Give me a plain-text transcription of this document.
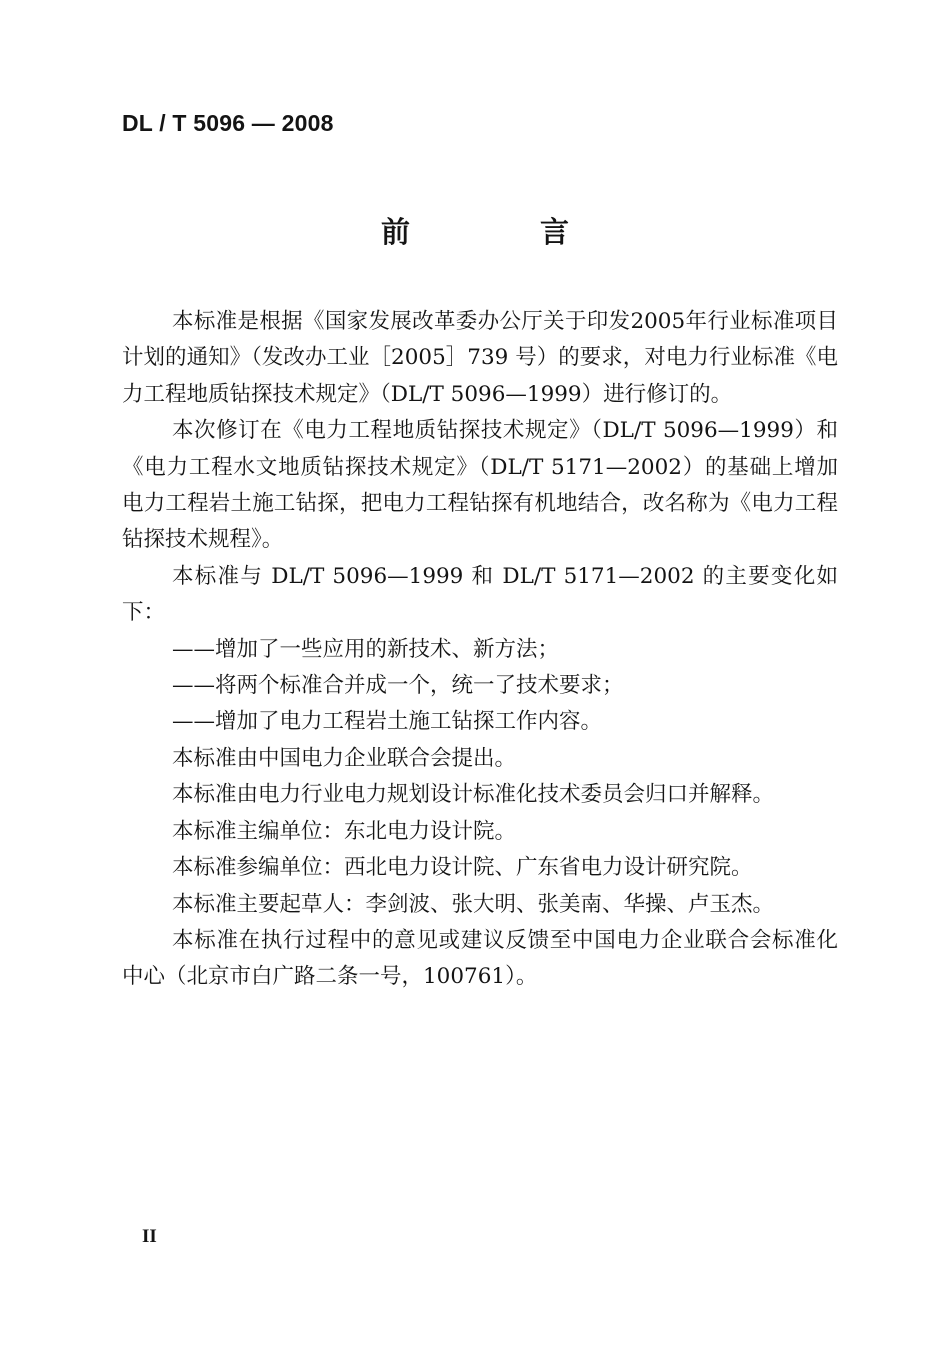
DL / T 5096 — 2008
前 言

本标准是根据《国家发展改革委办公厅关于印发2005年行业标准项目计划的通知》（发改办工业［2005］739 号）的要求，对电力行业标准《电力工程地质钻探技术规定》（DL/T 5096—1999）进行修订的。

本次修订在《电力工程地质钻探技术规定》（DL/T 5096—1999）和《电力工程水文地质钻探技术规定》（DL/T 5171—2002）的基础上增加电力工程岩土施工钻探，把电力工程钻探有机地结合，改名称为《电力工程钻探技术规程》。

本标准与 DL/T 5096—1999 和 DL/T 5171—2002 的主要变化如下：

——增加了一些应用的新技术、新方法；

——将两个标准合并成一个，统一了技术要求；

——增加了电力工程岩土施工钻探工作内容。

本标准由中国电力企业联合会提出。

本标准由电力行业电力规划设计标准化技术委员会归口并解释。

本标准主编单位：东北电力设计院。

本标准参编单位：西北电力设计院、广东省电力设计研究院。

本标准主要起草人：李剑波、张大明、张美南、华操、卢玉杰。

本标准在执行过程中的意见或建议反馈至中国电力企业联合会标准化中心（北京市白广路二条一号，100761）。

II
